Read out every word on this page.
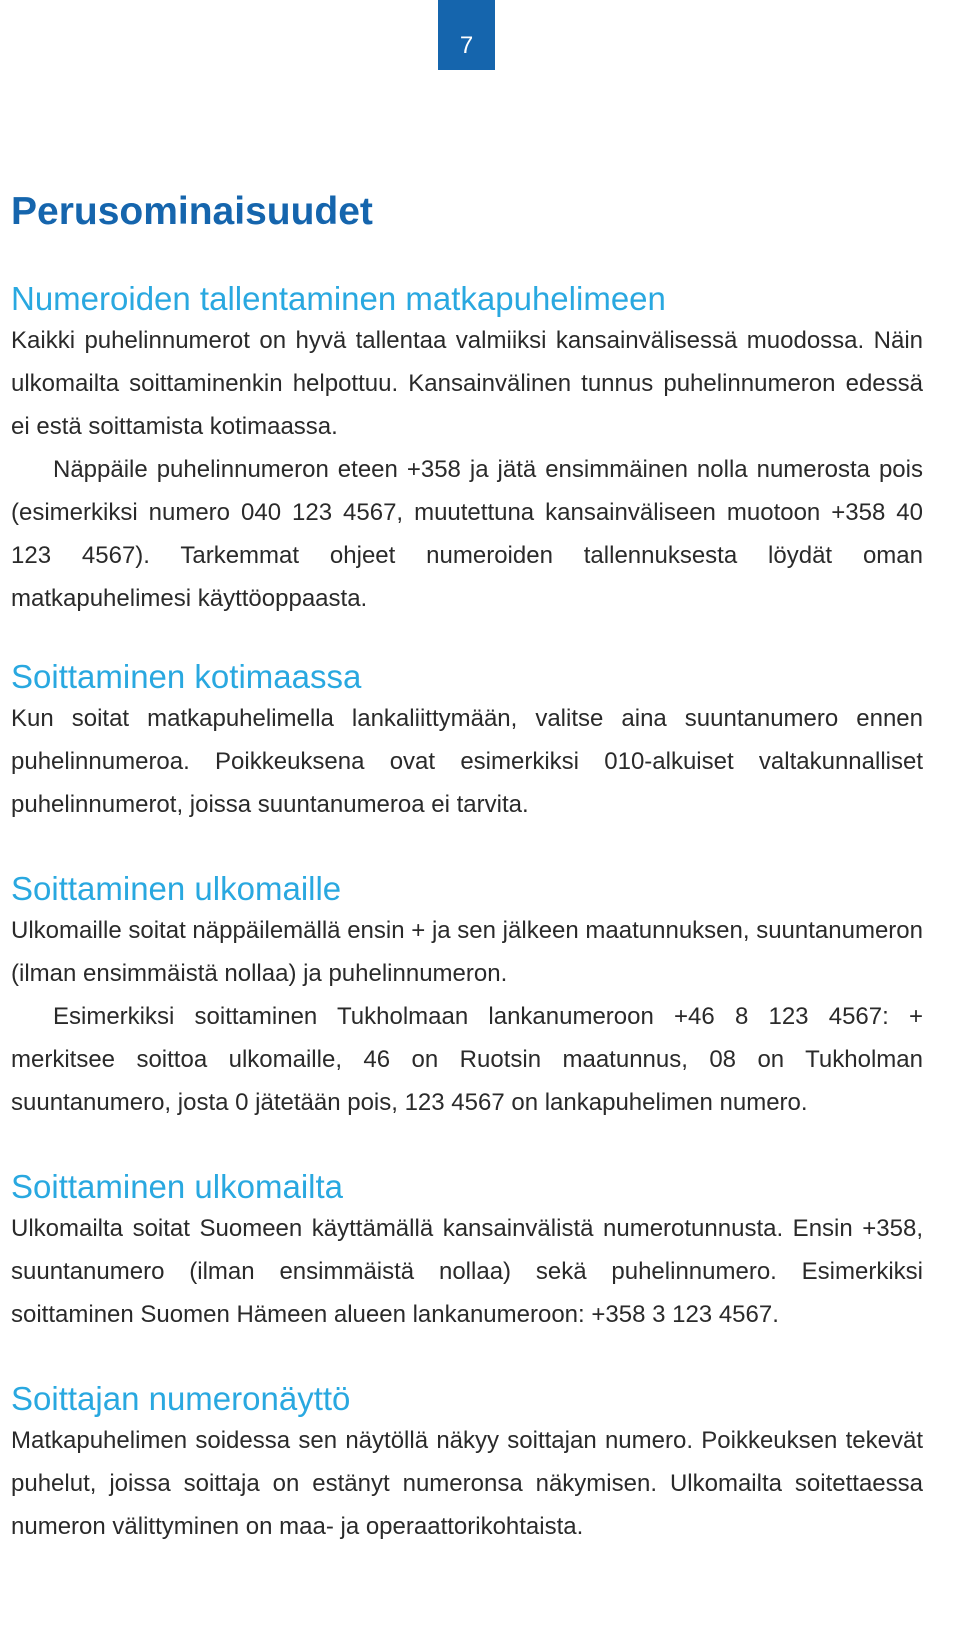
7
Perusominaisuudet
Numeroiden tallentaminen matkapuhelimeen

Kaikki puhelinnumerot on hyvä tallentaa valmiiksi kansainvälisessä muodossa. Näin ulkomailta soittaminenkin helpottuu. Kansainvälinen tunnus puhelinnumeron edessä ei estä soittamista kotimaassa.

Näppäile puhelinnumeron eteen +358 ja jätä ensimmäinen nolla numerosta pois (esimerkiksi numero 040 123 4567, muutettuna kansainväliseen muotoon +358 40 123 4567). Tarkemmat ohjeet numeroiden tallennuksesta löydät oman matkapuhelimesi käyttöoppaasta.

Soittaminen kotimaassa

Kun soitat matkapuhelimella lankaliittymään, valitse aina suuntanumero ennen puhelinnumeroa. Poikkeuksena ovat esimerkiksi 010-alkuiset valtakunnalliset puhelinnumerot, joissa suuntanumeroa ei tarvita.

Soittaminen ulkomaille

Ulkomaille soitat näppäilemällä ensin + ja sen jälkeen maatunnuksen, suuntanumeron (ilman ensimmäistä nollaa) ja puhelinnumeron.

Esimerkiksi soittaminen Tukholmaan lankanumeroon +46 8 123 4567: + merkitsee soittoa ulkomaille, 46 on Ruotsin maatunnus, 08 on Tukholman suuntanumero, josta 0 jätetään pois, 123 4567 on lankapuhelimen numero.

Soittaminen ulkomailta

Ulkomailta soitat Suomeen käyttämällä kansainvälistä numerotunnusta. Ensin +358, suuntanumero (ilman ensimmäistä nollaa) sekä puhelinnumero. Esimerkiksi soittaminen Suomen Hämeen alueen lankanumeroon: +358 3 123 4567.

Soittajan numeronäyttö

Matkapuhelimen soidessa sen näytöllä näkyy soittajan numero. Poikkeuksen tekevät puhelut, joissa soittaja on estänyt numeronsa näkymisen. Ulkomailta soitettaessa numeron välittyminen on maa- ja operaattorikohtaista.
